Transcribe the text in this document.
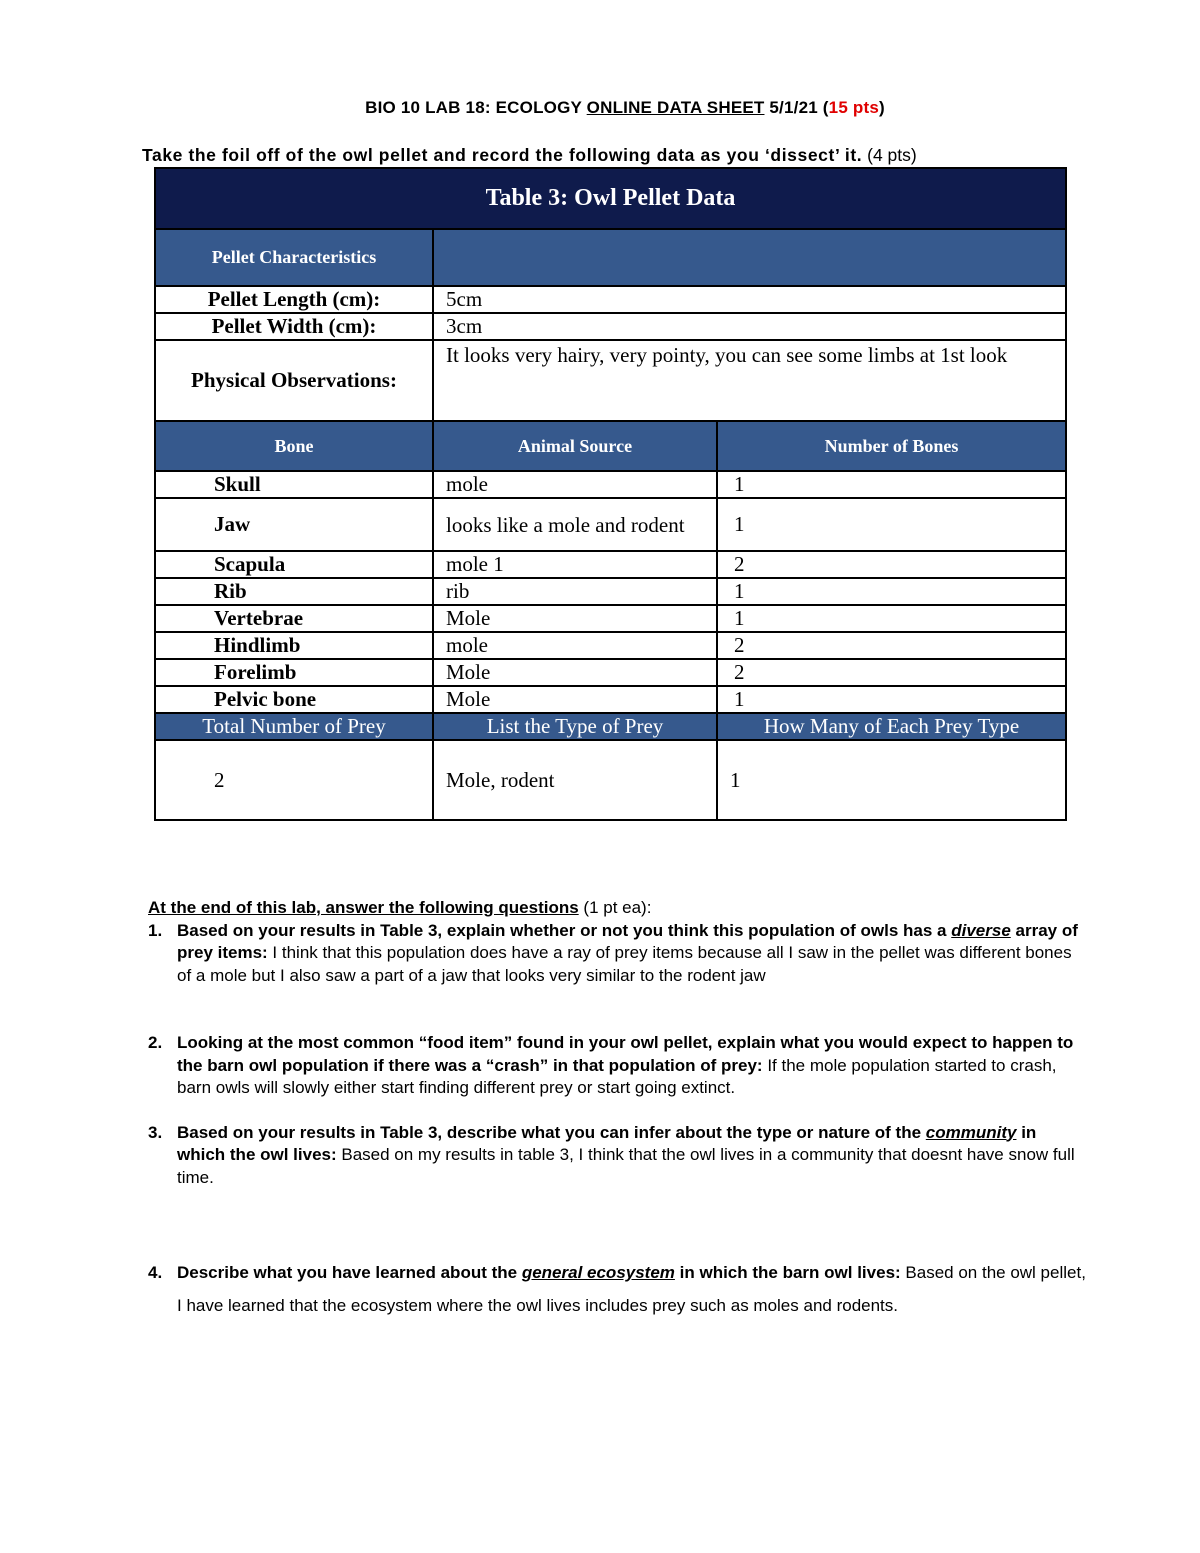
BIO 10 LAB 18: ECOLOGY ONLINE DATA SHEET 5/1/21 (15 pts)
Take the foil off of the owl pellet and record the following data as you ‘dissect’ it. (4 pts)
Table 3: Owl Pellet Data		
Pellet Characteristics		
Pellet Length (cm):	5cm	
Pellet Width (cm):	3cm	
Physical Observations:	It looks very hairy, very pointy, you can see some limbs at 1st look	
Bone	Animal Source	Number of Bones
Skull	mole	1
Jaw	looks like a mole and rodent	1
Scapula	mole 1	2
Rib	rib	1
Vertebrae	Mole	1
Hindlimb	mole	2
Forelimb	Mole	2
Pelvic bone	Mole	1
Total Number of Prey	List the Type of Prey	How Many of Each Prey Type
2	Mole, rodent	1
At the end of this lab, answer the following questions (1 pt ea):
1. Based on your results in Table 3, explain whether or not you think this population of owls has a diverse array of prey items: I think that this population does have a ray of prey items because all I saw in the pellet was different bones of a mole but I also saw a part of a jaw that looks very similar to the rodent jaw
2. Looking at the most common “food item” found in your owl pellet, explain what you would expect to happen to the barn owl population if there was a “crash” in that population of prey: If the mole population started to crash, barn owls will slowly either start finding different prey or start going extinct.
3. Based on your results in Table 3, describe what you can infer about the type or nature of the community in which the owl lives: Based on my results in table 3, I think that the owl lives in a community that doesnt have snow full time.
4. Describe what you have learned about the general ecosystem in which the barn owl lives: Based on the owl pellet, I have learned that the ecosystem where the owl lives includes prey such as moles and rodents.
